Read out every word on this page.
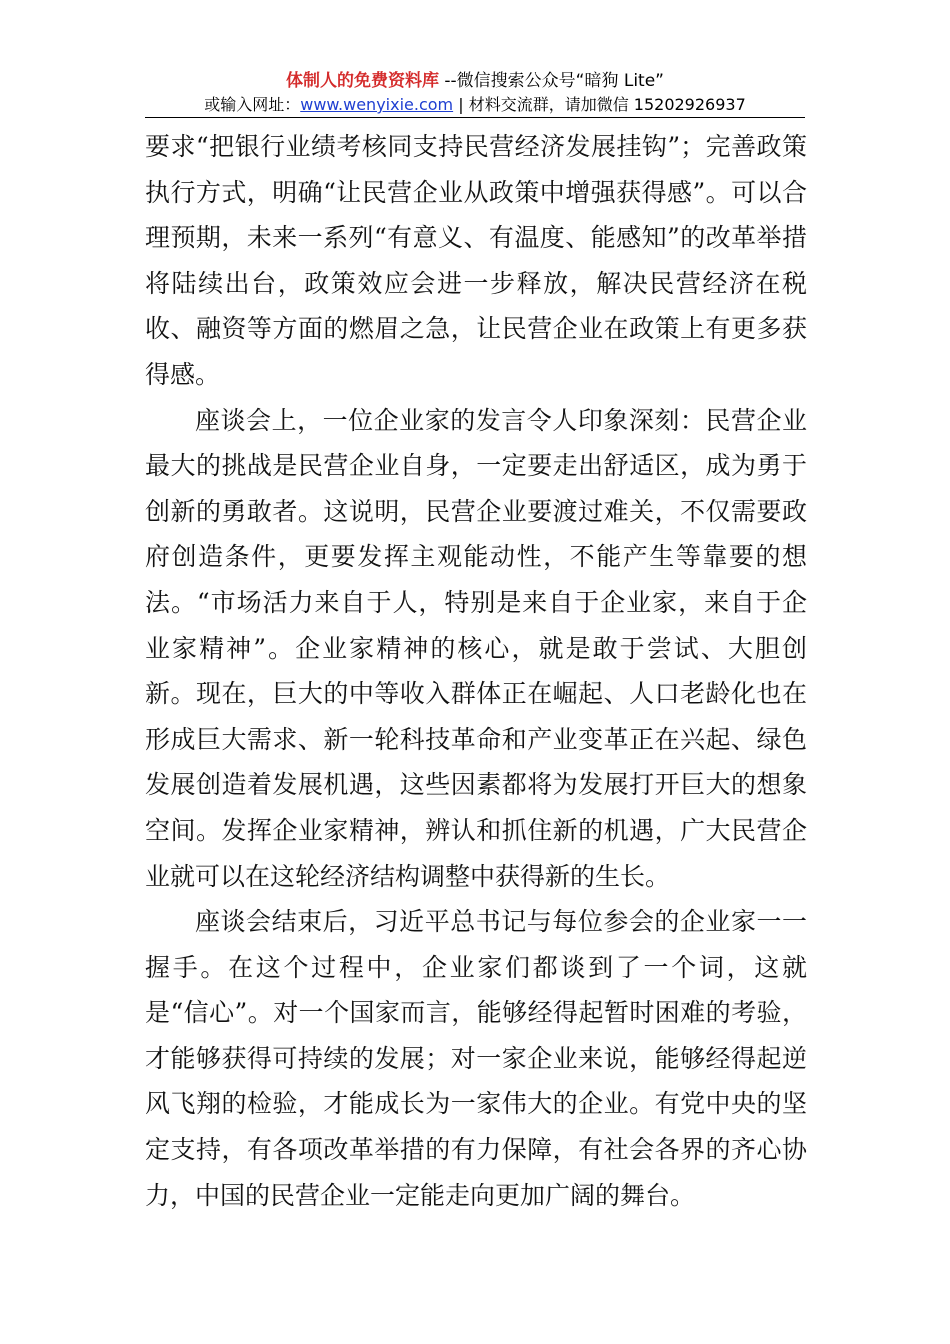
体制人的免费资料库 --微信搜索公众号“暗狗 Lite”
或输入网址：www.wenyixie.com | 材料交流群，请加微信 15202926937

要求“把银行业绩考核同支持民营经济发展挂钩”；完善政策执行方式，明确“让民营企业从政策中增强获得感”。可以合理预期，未来一系列“有意义、有温度、能感知”的改革举措将陆续出台，政策效应会进一步释放，解决民营经济在税收、融资等方面的燃眉之急，让民营企业在政策上有更多获得感。

座谈会上，一位企业家的发言令人印象深刻：民营企业最大的挑战是民营企业自身，一定要走出舒适区，成为勇于创新的勇敢者。这说明，民营企业要渡过难关，不仅需要政府创造条件，更要发挥主观能动性，不能产生等靠要的想法。“市场活力来自于人，特别是来自于企业家，来自于企业家精神”。企业家精神的核心，就是敢于尝试、大胆创新。现在，巨大的中等收入群体正在崛起、人口老龄化也在形成巨大需求、新一轮科技革命和产业变革正在兴起、绿色发展创造着发展机遇，这些因素都将为发展打开巨大的想象空间。发挥企业家精神，辨认和抓住新的机遇，广大民营企业就可以在这轮经济结构调整中获得新的生长。

座谈会结束后，习近平总书记与每位参会的企业家一一握手。在这个过程中，企业家们都谈到了一个词，这就是“信心”。对一个国家而言，能够经得起暂时困难的考验，才能够获得可持续的发展；对一家企业来说，能够经得起逆风飞翔的检验，才能成长为一家伟大的企业。有党中央的坚定支持，有各项改革举措的有力保障，有社会各界的齐心协力，中国的民营企业一定能走向更加广阔的舞台。
